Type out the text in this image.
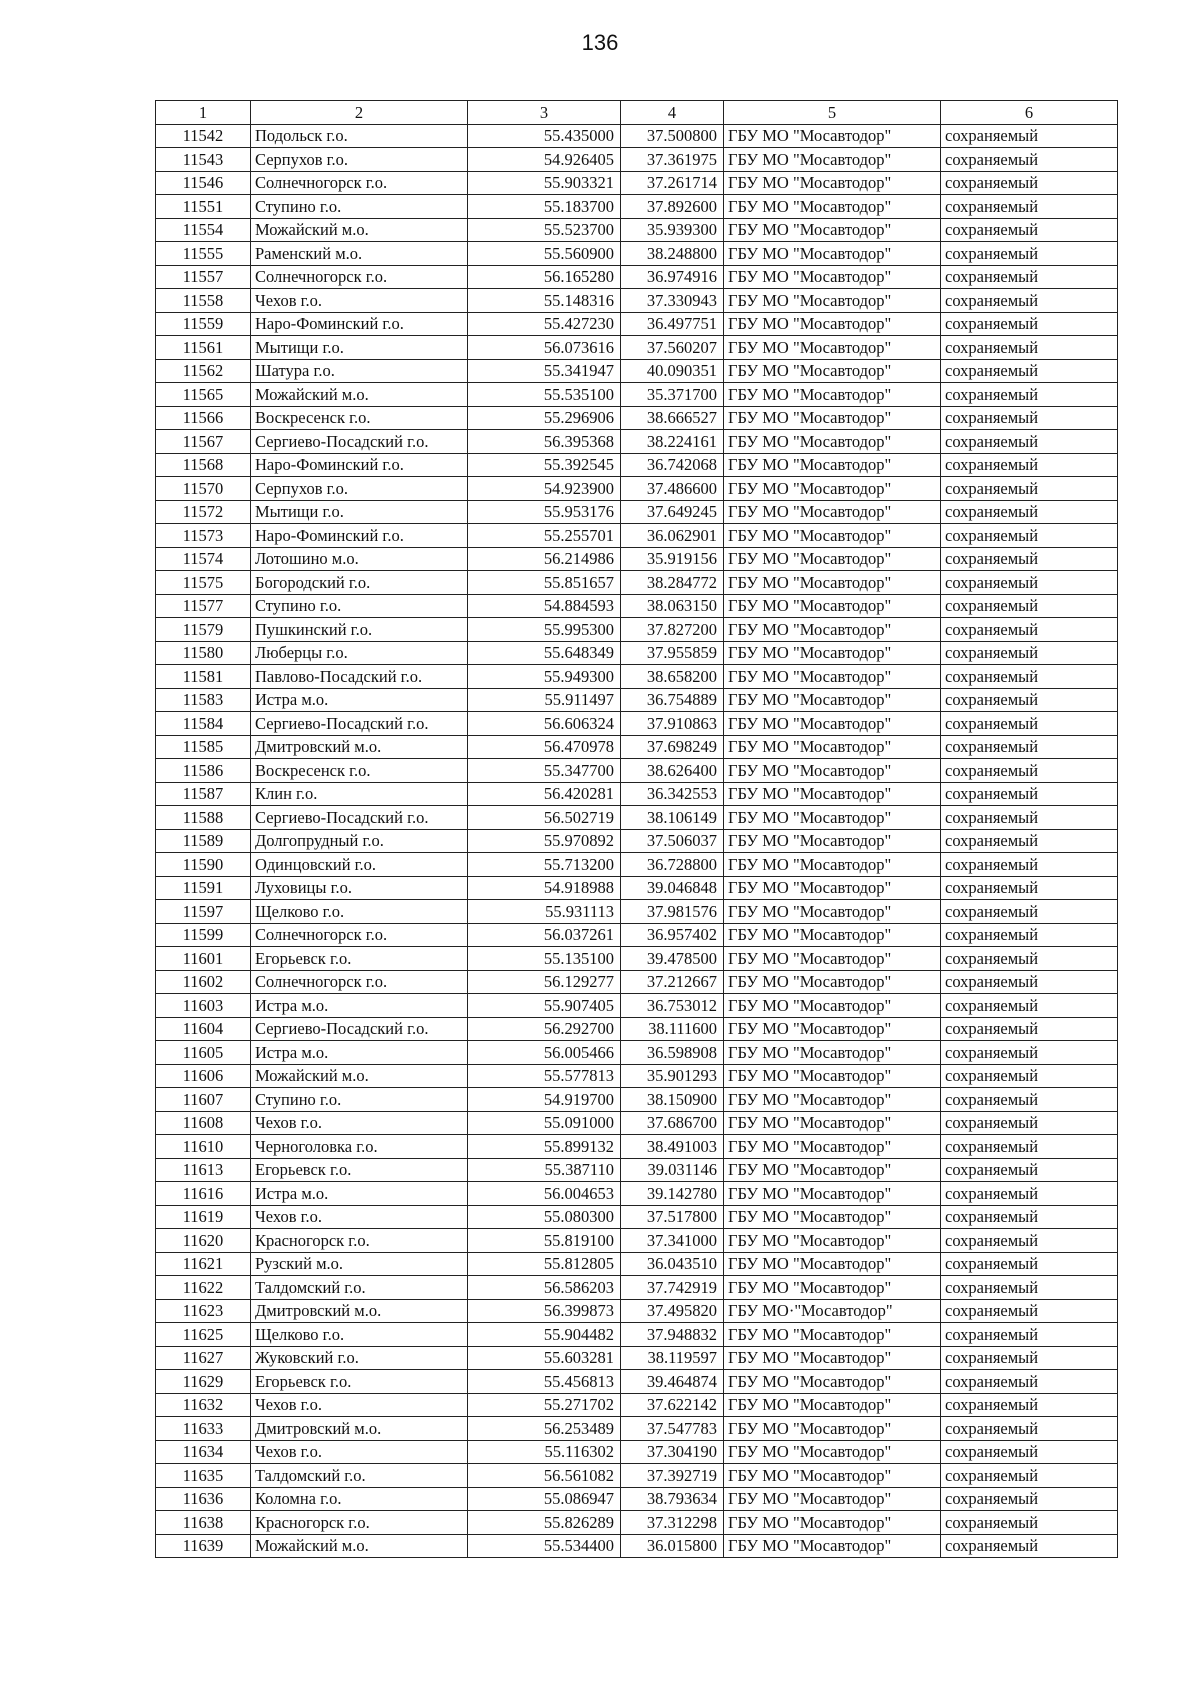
136
1	2	3	4	5	6
11542	Подольск г.о.	55.435000	37.500800	ГБУ МО "Мосавтодор"	сохраняемый
11543	Серпухов г.о.	54.926405	37.361975	ГБУ МО "Мосавтодор"	сохраняемый
11546	Солнечногорск г.о.	55.903321	37.261714	ГБУ МО "Мосавтодор"	сохраняемый
11551	Ступино г.о.	55.183700	37.892600	ГБУ МО "Мосавтодор"	сохраняемый
11554	Можайский м.о.	55.523700	35.939300	ГБУ МО "Мосавтодор"	сохраняемый
11555	Раменский м.о.	55.560900	38.248800	ГБУ МО "Мосавтодор"	сохраняемый
11557	Солнечногорск г.о.	56.165280	36.974916	ГБУ МО "Мосавтодор"	сохраняемый
11558	Чехов г.о.	55.148316	37.330943	ГБУ МО "Мосавтодор"	сохраняемый
11559	Наро-Фоминский г.о.	55.427230	36.497751	ГБУ МО "Мосавтодор"	сохраняемый
11561	Мытищи г.о.	56.073616	37.560207	ГБУ МО "Мосавтодор"	сохраняемый
11562	Шатура г.о.	55.341947	40.090351	ГБУ МО "Мосавтодор"	сохраняемый
11565	Можайский м.о.	55.535100	35.371700	ГБУ МО "Мосавтодор"	сохраняемый
11566	Воскресенск г.о.	55.296906	38.666527	ГБУ МО "Мосавтодор"	сохраняемый
11567	Сергиево-Посадский г.о.	56.395368	38.224161	ГБУ МО "Мосавтодор"	сохраняемый
11568	Наро-Фоминский г.о.	55.392545	36.742068	ГБУ МО "Мосавтодор"	сохраняемый
11570	Серпухов г.о.	54.923900	37.486600	ГБУ МО "Мосавтодор"	сохраняемый
11572	Мытищи г.о.	55.953176	37.649245	ГБУ МО "Мосавтодор"	сохраняемый
11573	Наро-Фоминский г.о.	55.255701	36.062901	ГБУ МО "Мосавтодор"	сохраняемый
11574	Лотошино м.о.	56.214986	35.919156	ГБУ МО "Мосавтодор"	сохраняемый
11575	Богородский г.о.	55.851657	38.284772	ГБУ МО "Мосавтодор"	сохраняемый
11577	Ступино г.о.	54.884593	38.063150	ГБУ МО "Мосавтодор"	сохраняемый
11579	Пушкинский г.о.	55.995300	37.827200	ГБУ МО "Мосавтодор"	сохраняемый
11580	Люберцы г.о.	55.648349	37.955859	ГБУ МО "Мосавтодор"	сохраняемый
11581	Павлово-Посадский г.о.	55.949300	38.658200	ГБУ МО "Мосавтодор"	сохраняемый
11583	Истра м.о.	55.911497	36.754889	ГБУ МО "Мосавтодор"	сохраняемый
11584	Сергиево-Посадский г.о.	56.606324	37.910863	ГБУ МО "Мосавтодор"	сохраняемый
11585	Дмитровский м.о.	56.470978	37.698249	ГБУ МО "Мосавтодор"	сохраняемый
11586	Воскресенск г.о.	55.347700	38.626400	ГБУ МО "Мосавтодор"	сохраняемый
11587	Клин г.о.	56.420281	36.342553	ГБУ МО "Мосавтодор"	сохраняемый
11588	Сергиево-Посадский г.о.	56.502719	38.106149	ГБУ МО "Мосавтодор"	сохраняемый
11589	Долгопрудный г.о.	55.970892	37.506037	ГБУ МО "Мосавтодор"	сохраняемый
11590	Одинцовский г.о.	55.713200	36.728800	ГБУ МО "Мосавтодор"	сохраняемый
11591	Луховицы г.о.	54.918988	39.046848	ГБУ МО "Мосавтодор"	сохраняемый
11597	Щелково г.о.	55.931113	37.981576	ГБУ МО "Мосавтодор"	сохраняемый
11599	Солнечногорск г.о.	56.037261	36.957402	ГБУ МО "Мосавтодор"	сохраняемый
11601	Егорьевск г.о.	55.135100	39.478500	ГБУ МО "Мосавтодор"	сохраняемый
11602	Солнечногорск г.о.	56.129277	37.212667	ГБУ МО "Мосавтодор"	сохраняемый
11603	Истра м.о.	55.907405	36.753012	ГБУ МО "Мосавтодор"	сохраняемый
11604	Сергиево-Посадский г.о.	56.292700	38.111600	ГБУ МО "Мосавтодор"	сохраняемый
11605	Истра м.о.	56.005466	36.598908	ГБУ МО "Мосавтодор"	сохраняемый
11606	Можайский м.о.	55.577813	35.901293	ГБУ МО "Мосавтодор"	сохраняемый
11607	Ступино г.о.	54.919700	38.150900	ГБУ МО "Мосавтодор"	сохраняемый
11608	Чехов г.о.	55.091000	37.686700	ГБУ МО "Мосавтодор"	сохраняемый
11610	Черноголовка г.о.	55.899132	38.491003	ГБУ МО "Мосавтодор"	сохраняемый
11613	Егорьевск г.о.	55.387110	39.031146	ГБУ МО "Мосавтодор"	сохраняемый
11616	Истра м.о.	56.004653	39.142780	ГБУ МО "Мосавтодор"	сохраняемый
11619	Чехов г.о.	55.080300	37.517800	ГБУ МО "Мосавтодор"	сохраняемый
11620	Красногорск г.о.	55.819100	37.341000	ГБУ МО "Мосавтодор"	сохраняемый
11621	Рузский м.о.	55.812805	36.043510	ГБУ МО "Мосавтодор"	сохраняемый
11622	Талдомский г.о.	56.586203	37.742919	ГБУ МО "Мосавтодор"	сохраняемый
11623	Дмитровский м.о.	56.399873	37.495820	ГБУ МО·"Мосавтодор"	сохраняемый
11625	Щелково г.о.	55.904482	37.948832	ГБУ МО "Мосавтодор"	сохраняемый
11627	Жуковский г.о.	55.603281	38.119597	ГБУ МО "Мосавтодор"	сохраняемый
11629	Егорьевск г.о.	55.456813	39.464874	ГБУ МО "Мосавтодор"	сохраняемый
11632	Чехов г.о.	55.271702	37.622142	ГБУ МО "Мосавтодор"	сохраняемый
11633	Дмитровский м.о.	56.253489	37.547783	ГБУ МО "Мосавтодор"	сохраняемый
11634	Чехов г.о.	55.116302	37.304190	ГБУ МО "Мосавтодор"	сохраняемый
11635	Талдомский г.о.	56.561082	37.392719	ГБУ МО "Мосавтодор"	сохраняемый
11636	Коломна г.о.	55.086947	38.793634	ГБУ МО "Мосавтодор"	сохраняемый
11638	Красногорск г.о.	55.826289	37.312298	ГБУ МО "Мосавтодор"	сохраняемый
11639	Можайский м.о.	55.534400	36.015800	ГБУ МО "Мосавтодор"	сохраняемый
